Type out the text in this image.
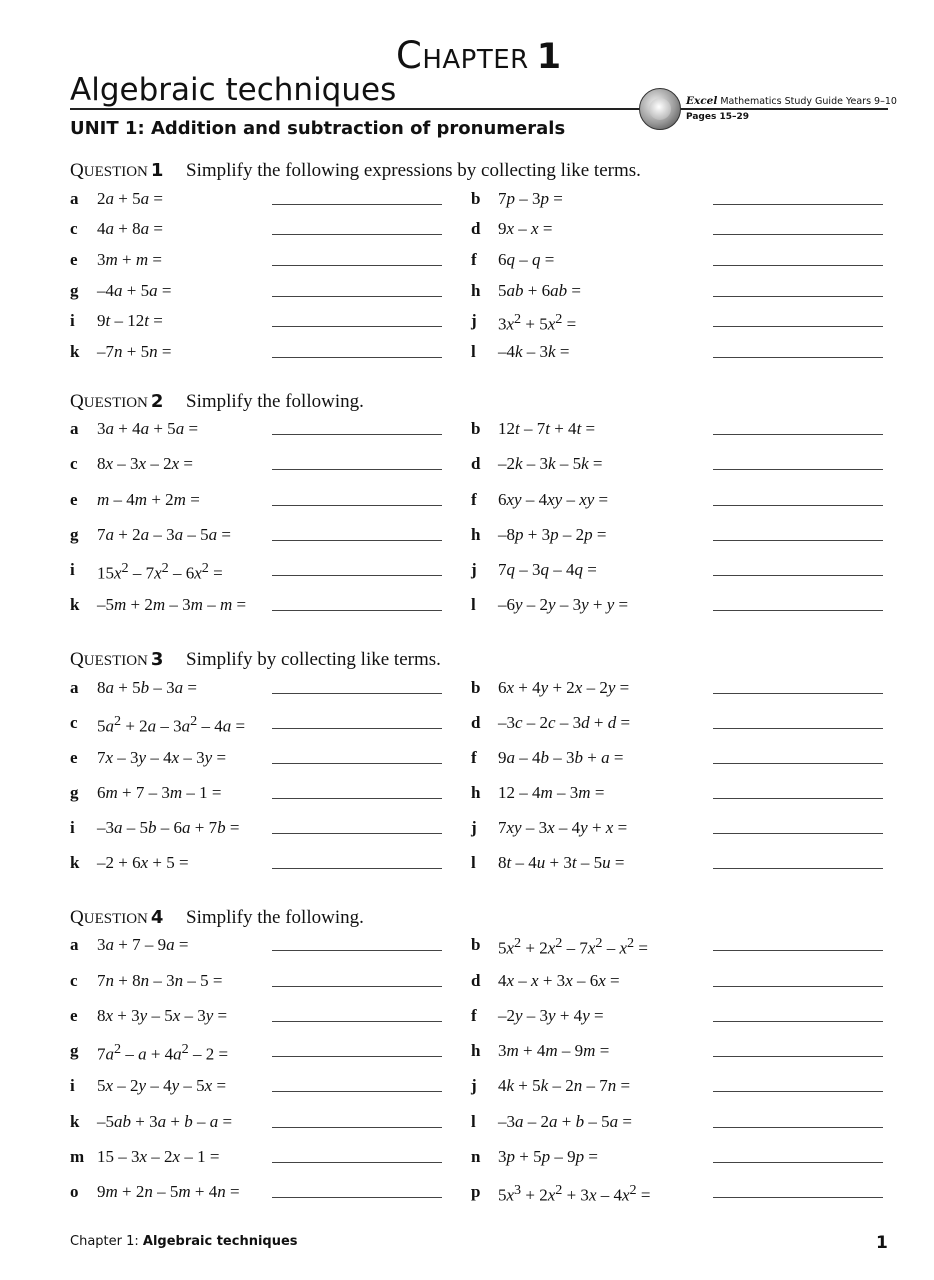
CHAPTER 1
Algebraic techniques	Excel Mathematics Study Guide Years 9–10
Pages 15–29
UNIT 1: Addition and subtraction of pronumerals
QUESTION 1 Simplify the following expressions by collecting like terms.
a 2a + 5a =	b 7p – 3p =
c 4a + 8a =	d 9x – x =
e 3m + m =	f 6q – q =
g –4a + 5a =	h 5ab + 6ab =
i 9t – 12t =	j $3x^2 + 5x^2$ =
k –7n + 5n =	l –4k – 3k =
QUESTION 2 Simplify the following.
a 3a + 4a + 5a =	b 12t – 7t + 4t =
c 8x – 3x – 2x =	d –2k – 3k – 5k =
e m – 4m + 2m =	f 6xy – 4xy – xy =
g 7a + 2a – 3a – 5a =	h –8p + 3p – 2p =
i $15x^2 - 7x^2 - 6x^2$ =	j 7q – 3q – 4q =
k –5m + 2m – 3m – m =	l –6y – 2y – 3y + y =
QUESTION 3 Simplify by collecting like terms.
a 8a + 5b – 3a =	b 6x + 4y + 2x – 2y =
c $5a^2 + 2a - 3a^2 - 4a$ =	d –3c – 2c – 3d + d =
e 7x – 3y – 4x – 3y =	f 9a – 4b – 3b + a =
g 6m + 7 – 3m – 1 =	h 12 – 4m – 3m =
i –3a – 5b – 6a + 7b =	j 7xy – 3x – 4y + x =
k –2 + 6x + 5 =	l 8t – 4u + 3t – 5u =
QUESTION 4 Simplify the following.
a 3a + 7 – 9a =	b $5x^2 + 2x^2 - 7x^2 - x^2$ =
c 7n + 8n – 3n – 5 =	d 4x – x + 3x – 6x =
e 8x + 3y – 5x – 3y =	f –2y – 3y + 4y =
g $7a^2 - a + 4a^2 - 2$ =	h 3m + 4m – 9m =
i 5x – 2y – 4y – 5x =	j 4k + 5k – 2n – 7n =
k –5ab + 3a + b – a =	l –3a – 2a + b – 5a =
m 15 – 3x – 2x – 1 =	n 3p + 5p – 9p =
o 9m + 2n – 5m + 4n =	p $5x^3 + 2x^2 + 3x - 4x^2$ =
Chapter 1: Algebraic techniques	1
